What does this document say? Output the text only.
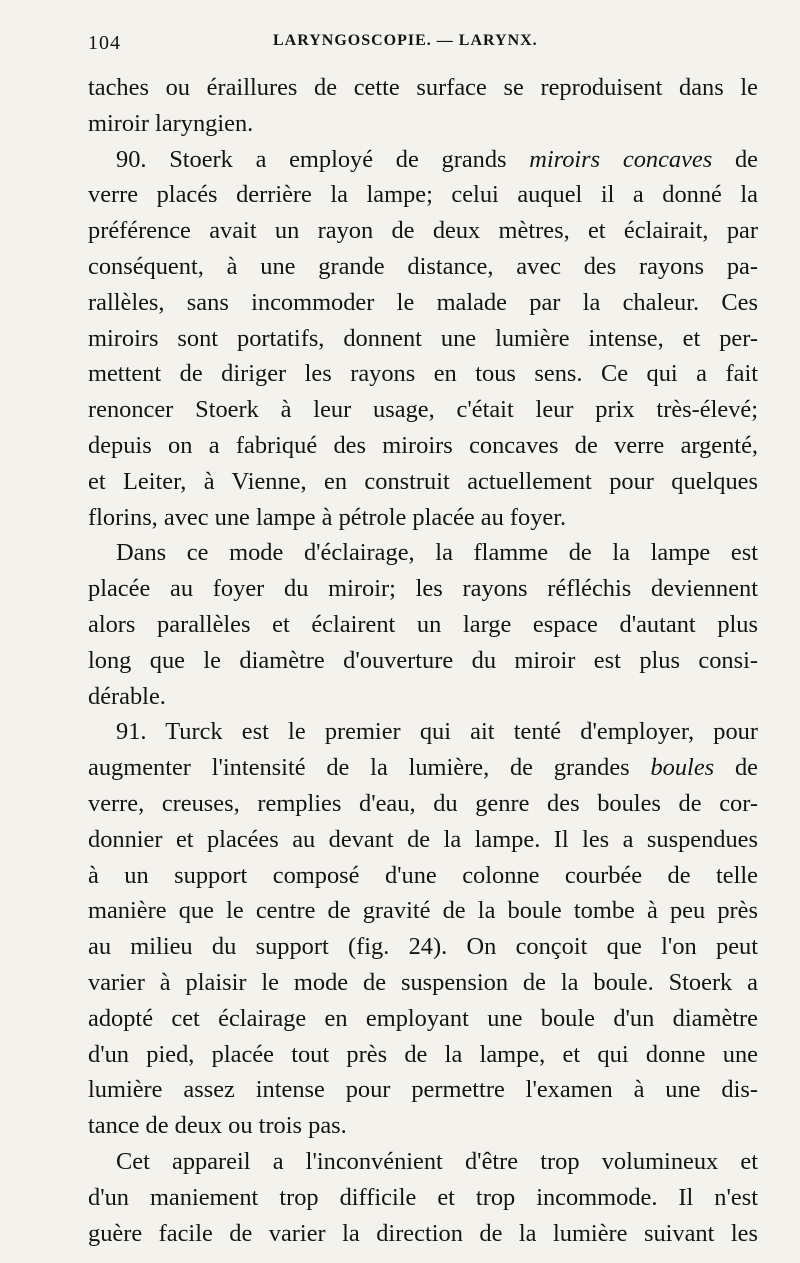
104	LARYNGOSCOPIE. — LARYNX.
taches ou éraillures de cette surface se reproduisent dans le
miroir laryngien.
90. Stoerk a employé de grands miroirs concaves de
verre placés derrière la lampe; celui auquel il a donné la
préférence avait un rayon de deux mètres, et éclairait, par
conséquent, à une grande distance, avec des rayons pa-
rallèles, sans incommoder le malade par la chaleur. Ces
miroirs sont portatifs, donnent une lumière intense, et per-
mettent de diriger les rayons en tous sens. Ce qui a fait
renoncer Stoerk à leur usage, c'était leur prix très-élevé;
depuis on a fabriqué des miroirs concaves de verre argenté,
et Leiter, à Vienne, en construit actuellement pour quelques
florins, avec une lampe à pétrole placée au foyer.
Dans ce mode d'éclairage, la flamme de la lampe est
placée au foyer du miroir; les rayons réfléchis deviennent
alors parallèles et éclairent un large espace d'autant plus
long que le diamètre d'ouverture du miroir est plus consi-
dérable.
91. Turck est le premier qui ait tenté d'employer, pour
augmenter l'intensité de la lumière, de grandes boules de
verre, creuses, remplies d'eau, du genre des boules de cor-
donnier et placées au devant de la lampe. Il les a suspendues
à un support composé d'une colonne courbée de telle
manière que le centre de gravité de la boule tombe à peu près
au milieu du support (fig. 24). On conçoit que l'on peut
varier à plaisir le mode de suspension de la boule. Stoerk a
adopté cet éclairage en employant une boule d'un diamètre
d'un pied, placée tout près de la lampe, et qui donne une
lumière assez intense pour permettre l'examen à une dis-
tance de deux ou trois pas.
Cet appareil a l'inconvénient d'être trop volumineux et
d'un maniement trop difficile et trop incommode. Il n'est
guère facile de varier la direction de la lumière suivant les
